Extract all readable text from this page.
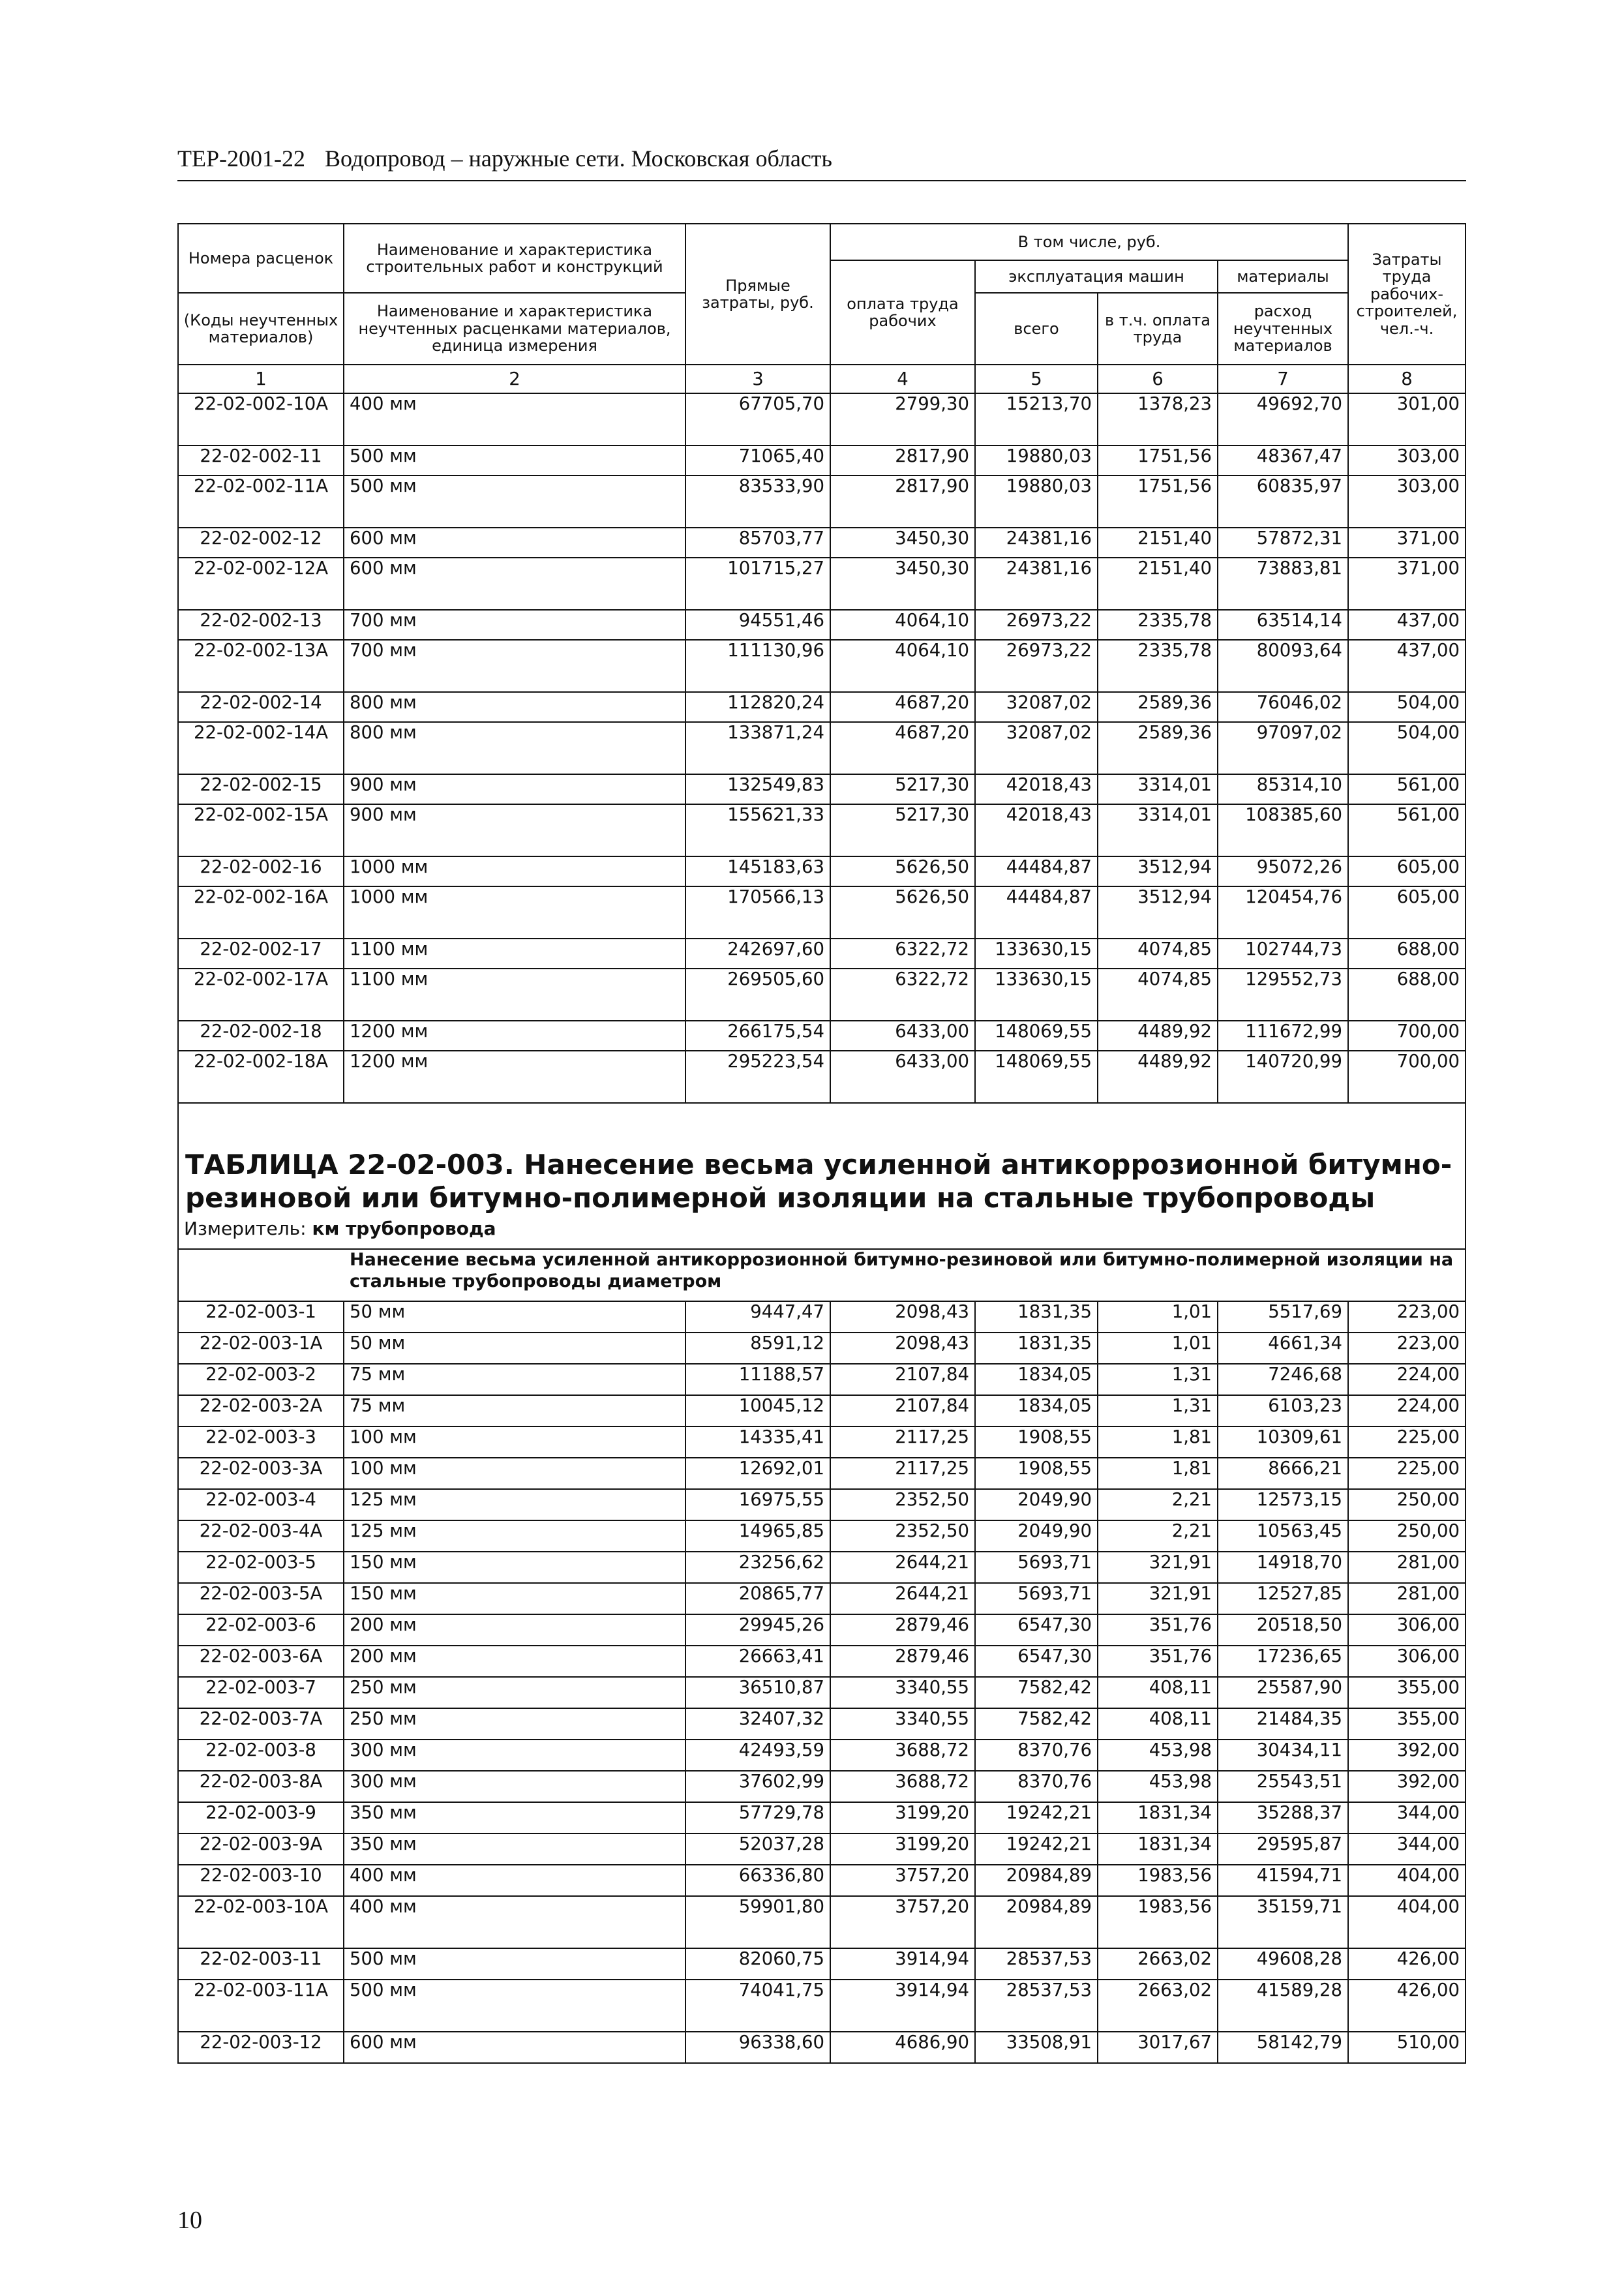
ТЕР-2001-22 Водопровод – наружные сети. Московская область
Номера расценок	Наименование и характеристика строительных работ и конструкций	Прямые затраты, руб.	В том числе, руб.				Затраты труда рабочих-строителей, чел.-ч.
			оплата труда рабочих	эксплуатация машин		материалы	
(Коды неучтенных материалов)	Наименование и характеристика неучтенных расценками материалов, единица измерения			всего	в т.ч. оплата труда	расход неучтенных материалов	
1	2	3	4	5	6	7	8
22-02-002-10А	400 мм	67705,70	2799,30	15213,70	1378,23	49692,70	301,00
22-02-002-11	500 мм	71065,40	2817,90	19880,03	1751,56	48367,47	303,00
22-02-002-11А	500 мм	83533,90	2817,90	19880,03	1751,56	60835,97	303,00
22-02-002-12	600 мм	85703,77	3450,30	24381,16	2151,40	57872,31	371,00
22-02-002-12А	600 мм	101715,27	3450,30	24381,16	2151,40	73883,81	371,00
22-02-002-13	700 мм	94551,46	4064,10	26973,22	2335,78	63514,14	437,00
22-02-002-13А	700 мм	111130,96	4064,10	26973,22	2335,78	80093,64	437,00
22-02-002-14	800 мм	112820,24	4687,20	32087,02	2589,36	76046,02	504,00
22-02-002-14А	800 мм	133871,24	4687,20	32087,02	2589,36	97097,02	504,00
22-02-002-15	900 мм	132549,83	5217,30	42018,43	3314,01	85314,10	561,00
22-02-002-15А	900 мм	155621,33	5217,30	42018,43	3314,01	108385,60	561,00
22-02-002-16	1000 мм	145183,63	5626,50	44484,87	3512,94	95072,26	605,00
22-02-002-16А	1000 мм	170566,13	5626,50	44484,87	3512,94	120454,76	605,00
22-02-002-17	1100 мм	242697,60	6322,72	133630,15	4074,85	102744,73	688,00
22-02-002-17А	1100 мм	269505,60	6322,72	133630,15	4074,85	129552,73	688,00
22-02-002-18	1200 мм	266175,54	6433,00	148069,55	4489,92	111672,99	700,00
22-02-002-18А	1200 мм	295223,54	6433,00	148069,55	4489,92	140720,99	700,00

ТАБЛИЦА 22-02-003. Нанесение весьма усиленной антикоррозионной битумно-резиновой или битумно-полимерной изоляции на стальные трубопроводы							
Измеритель: км трубопровода							
Нанесение весьма усиленной антикоррозионной битумно-резиновой или битумно-полимерной изоляции на стальные трубопроводы диаметром							
22-02-003-1	50 мм	9447,47	2098,43	1831,35	1,01	5517,69	223,00
22-02-003-1А	50 мм	8591,12	2098,43	1831,35	1,01	4661,34	223,00
22-02-003-2	75 мм	11188,57	2107,84	1834,05	1,31	7246,68	224,00
22-02-003-2А	75 мм	10045,12	2107,84	1834,05	1,31	6103,23	224,00
22-02-003-3	100 мм	14335,41	2117,25	1908,55	1,81	10309,61	225,00
22-02-003-3А	100 мм	12692,01	2117,25	1908,55	1,81	8666,21	225,00
22-02-003-4	125 мм	16975,55	2352,50	2049,90	2,21	12573,15	250,00
22-02-003-4А	125 мм	14965,85	2352,50	2049,90	2,21	10563,45	250,00
22-02-003-5	150 мм	23256,62	2644,21	5693,71	321,91	14918,70	281,00
22-02-003-5А	150 мм	20865,77	2644,21	5693,71	321,91	12527,85	281,00
22-02-003-6	200 мм	29945,26	2879,46	6547,30	351,76	20518,50	306,00
22-02-003-6А	200 мм	26663,41	2879,46	6547,30	351,76	17236,65	306,00
22-02-003-7	250 мм	36510,87	3340,55	7582,42	408,11	25587,90	355,00
22-02-003-7А	250 мм	32407,32	3340,55	7582,42	408,11	21484,35	355,00
22-02-003-8	300 мм	42493,59	3688,72	8370,76	453,98	30434,11	392,00
22-02-003-8А	300 мм	37602,99	3688,72	8370,76	453,98	25543,51	392,00
22-02-003-9	350 мм	57729,78	3199,20	19242,21	1831,34	35288,37	344,00
22-02-003-9А	350 мм	52037,28	3199,20	19242,21	1831,34	29595,87	344,00
22-02-003-10	400 мм	66336,80	3757,20	20984,89	1983,56	41594,71	404,00
22-02-003-10А	400 мм	59901,80	3757,20	20984,89	1983,56	35159,71	404,00
22-02-003-11	500 мм	82060,75	3914,94	28537,53	2663,02	49608,28	426,00
22-02-003-11А	500 мм	74041,75	3914,94	28537,53	2663,02	41589,28	426,00
22-02-003-12	600 мм	96338,60	4686,90	33508,91	3017,67	58142,79	510,00
10
